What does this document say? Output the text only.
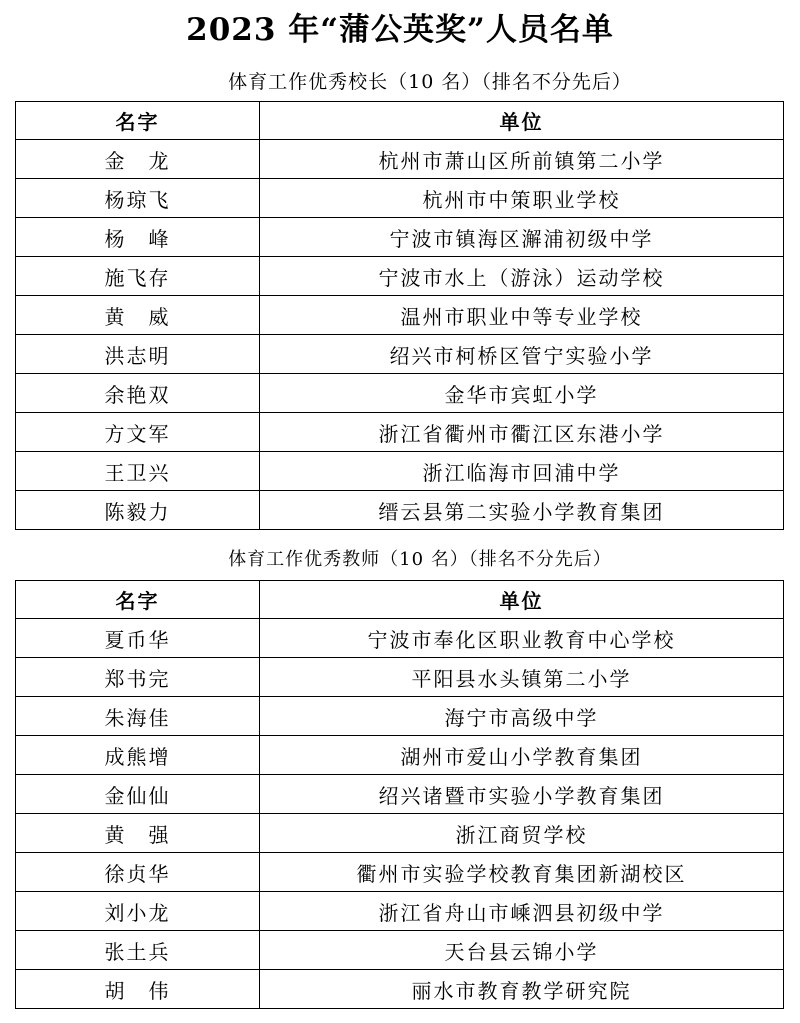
2023 年“蒲公英奖”人员名单
体育工作优秀校长（10 名）（排名不分先后）
名字	单位
金　龙	杭州市萧山区所前镇第二小学
杨琼飞	杭州市中策职业学校
杨　峰	宁波市镇海区澥浦初级中学
施飞存	宁波市水上（游泳）运动学校
黄　威	温州市职业中等专业学校
洪志明	绍兴市柯桥区管宁实验小学
余艳双	金华市宾虹小学
方文军	浙江省衢州市衢江区东港小学
王卫兴	浙江临海市回浦中学
陈毅力	缙云县第二实验小学教育集团
体育工作优秀教师（10 名）（排名不分先后）
名字	单位
夏币华	宁波市奉化区职业教育中心学校
郑书完	平阳县水头镇第二小学
朱海佳	海宁市高级中学
成熊增	湖州市爱山小学教育集团
金仙仙	绍兴诸暨市实验小学教育集团
黄　强	浙江商贸学校
徐贞华	衢州市实验学校教育集团新湖校区
刘小龙	浙江省舟山市嵊泗县初级中学
张土兵	天台县云锦小学
胡　伟	丽水市教育教学研究院
